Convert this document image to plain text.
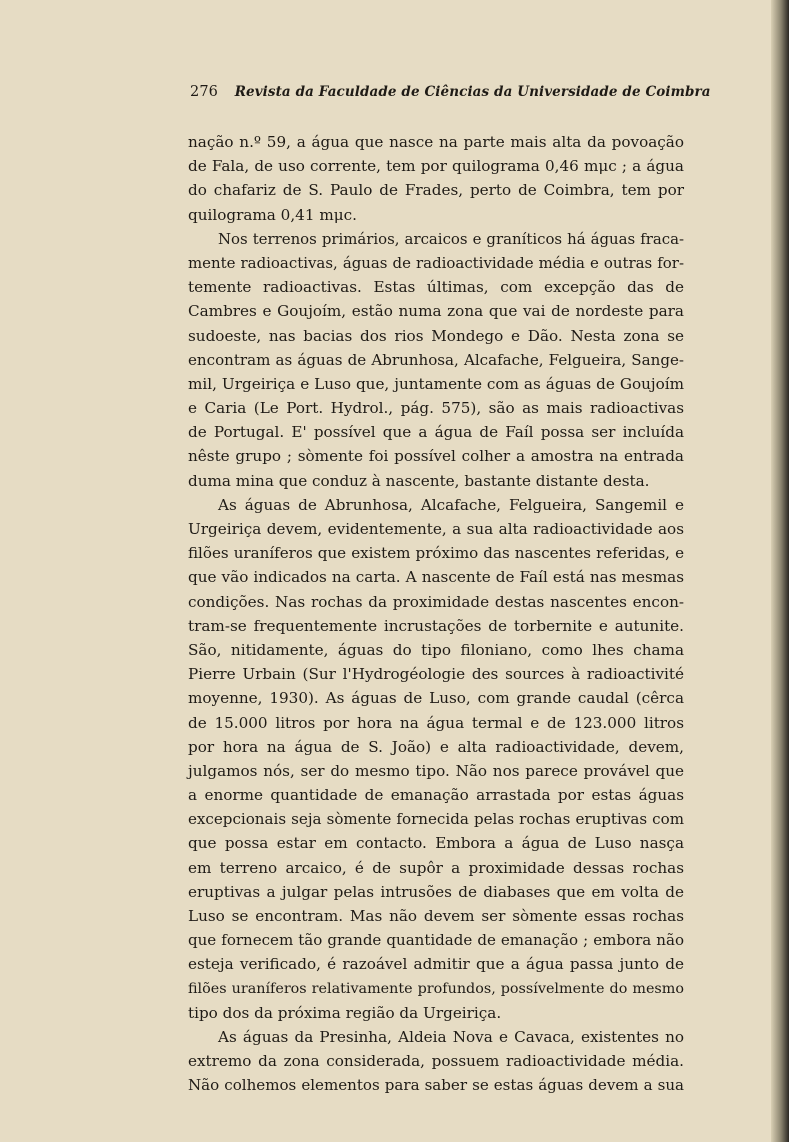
276 Revista da Faculdade de Ciências da Universidade de Coimbra
nação n.º 59, a água que nasce na parte mais alta da povoação
de Fala, de uso corrente, tem por quilograma 0,46 mμc ; a água
do chafariz de S. Paulo de Frades, perto de Coimbra, tem por
quilograma 0,41 mμc.
Nos terrenos primários, arcaicos e graníticos há águas fraca-
mente radioactivas, águas de radioactividade média e outras for-
temente radioactivas. Estas últimas, com excepção das de
Cambres e Goujoím, estão numa zona que vai de nordeste para
sudoeste, nas bacias dos rios Mondego e Dão. Nesta zona se
encontram as águas de Abrunhosa, Alcafache, Felgueira, Sange-
mil, Urgeiriça e Luso que, juntamente com as águas de Goujoím
e Caria (Le Port. Hydrol., pág. 575), são as mais radioactivas
de Portugal. E' possível que a água de Faíl possa ser incluída
nêste grupo ; sòmente foi possível colher a amostra na entrada
duma mina que conduz à nascente, bastante distante desta.
As águas de Abrunhosa, Alcafache, Felgueira, Sangemil e
Urgeiriça devem, evidentemente, a sua alta radioactividade aos
filões uraníferos que existem próximo das nascentes referidas, e
que vão indicados na carta. A nascente de Faíl está nas mesmas
condições. Nas rochas da proximidade destas nascentes encon-
tram-se frequentemente incrustações de torbernite e autunite.
São, nitidamente, águas do tipo filoniano, como lhes chama
Pierre Urbain (Sur l'Hydrogéologie des sources à radioactivité
moyenne, 1930). As águas de Luso, com grande caudal (cêrca
de 15.000 litros por hora na água termal e de 123.000 litros
por hora na água de S. João) e alta radioactividade, devem,
julgamos nós, ser do mesmo tipo. Não nos parece provável que
a enorme quantidade de emanação arrastada por estas águas
excepcionais seja sòmente fornecida pelas rochas eruptivas com
que possa estar em contacto. Embora a água de Luso nasça
em terreno arcaico, é de supôr a proximidade dessas rochas
eruptivas a julgar pelas intrusões de diabases que em volta de
Luso se encontram. Mas não devem ser sòmente essas rochas
que fornecem tão grande quantidade de emanação ; embora não
esteja verificado, é razoável admitir que a água passa junto de
filões uraníferos relativamente profundos, possívelmente do mesmo
tipo dos da próxima região da Urgeiriça.
As águas da Presinha, Aldeia Nova e Cavaca, existentes no
extremo da zona considerada, possuem radioactividade média.
Não colhemos elementos para saber se estas águas devem a sua
